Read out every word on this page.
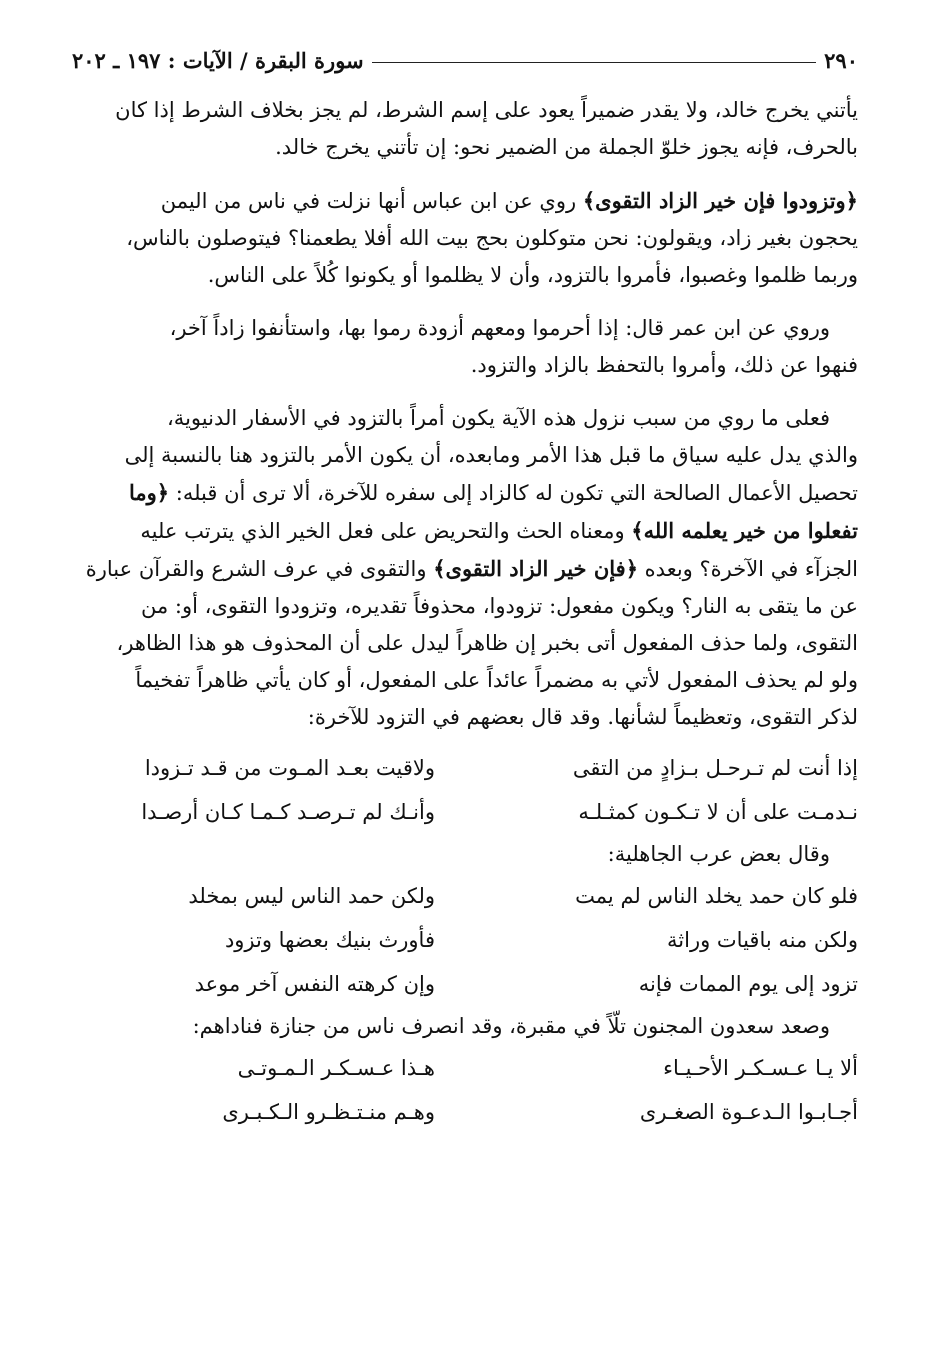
٢٩٠
سورة البقرة / الآيات : ١٩٧ ـ ٢٠٢
يأتني يخرج خالد، ولا يقدر ضميراً يعود على إسم الشرط، لم يجز بخلاف الشرط إذا كان
بالحرف، فإنه يجوز خلوّ الجملة من الضمير نحو: إن تأتني يخرج خالد.
﴿وتزودوا فإن خير الزاد التقوى﴾ روي عن ابن عباس أنها نزلت في ناس من اليمن
يحجون بغير زاد، ويقولون: نحن متوكلون بحج بيت الله أفلا يطعمنا؟ فيتوصلون بالناس،
وربما ظلموا وغصبوا، فأمروا بالتزود، وأن لا يظلموا أو يكونوا كُلاً على الناس.
وروي عن ابن عمر قال: إذا أحرموا ومعهم أزودة رموا بها، واستأنفوا زاداً آخر،
فنهوا عن ذلك، وأمروا بالتحفظ بالزاد والتزود.
فعلى ما روي من سبب نزول هذه الآية يكون أمراً بالتزود في الأسفار الدنيوية،
والذي يدل عليه سياق ما قبل هذا الأمر ومابعده، أن يكون الأمر بالتزود هنا بالنسبة إلى
تحصيل الأعمال الصالحة التي تكون له كالزاد إلى سفره للآخرة، ألا ترى أن قبله: ﴿وما
تفعلوا من خير يعلمه الله﴾ ومعناه الحث والتحريض على فعل الخير الذي يترتب عليه
الجزآء في الآخرة؟ وبعده ﴿فإن خير الزاد التقوى﴾ والتقوى في عرف الشرع والقرآن عبارة
عن ما يتقى به النار؟ ويكون مفعول: تزودوا، محذوفاً تقديره، وتزودوا التقوى، أو: من
التقوى، ولما حذف المفعول أتى بخبر إن ظاهراً ليدل على أن المحذوف هو هذا الظاهر،
ولو لم يحذف المفعول لأتي به مضمراً عائداً على المفعول، أو كان يأتي ظاهراً تفخيماً
لذكر التقوى، وتعظيماً لشأنها. وقد قال بعضهم في التزود للآخرة:
إذا أنت لم تـرحـل بـزادٍ من التقى
ولاقيت بعـد المـوت من قـد تـزودا
نـدمـت على أن لا تـكـون كمثـلـه
وأنـك لم تـرصـد كـمـا كـان أرصـدا
وقال بعض عرب الجاهلية:
فلو كان حمد يخلد الناس لم يمت
ولكن حمد الناس ليس بمخلد
ولكن منه باقيات وراثة
فأورث بنيك بعضها وتزود
تزود إلى يوم الممات فإنه
وإن كرهته النفس آخر موعد
وصعد سعدون المجنون تلّاً في مقبرة، وقد انصرف ناس من جنازة فناداهم:
ألا يـا عـسـكـر الأحـيـاء
هـذا عـسـكـر الـمـوتـى
أجـابـوا الـدعـوة الصغـرى
وهـم منـتـظـرو الـكـبـرى
